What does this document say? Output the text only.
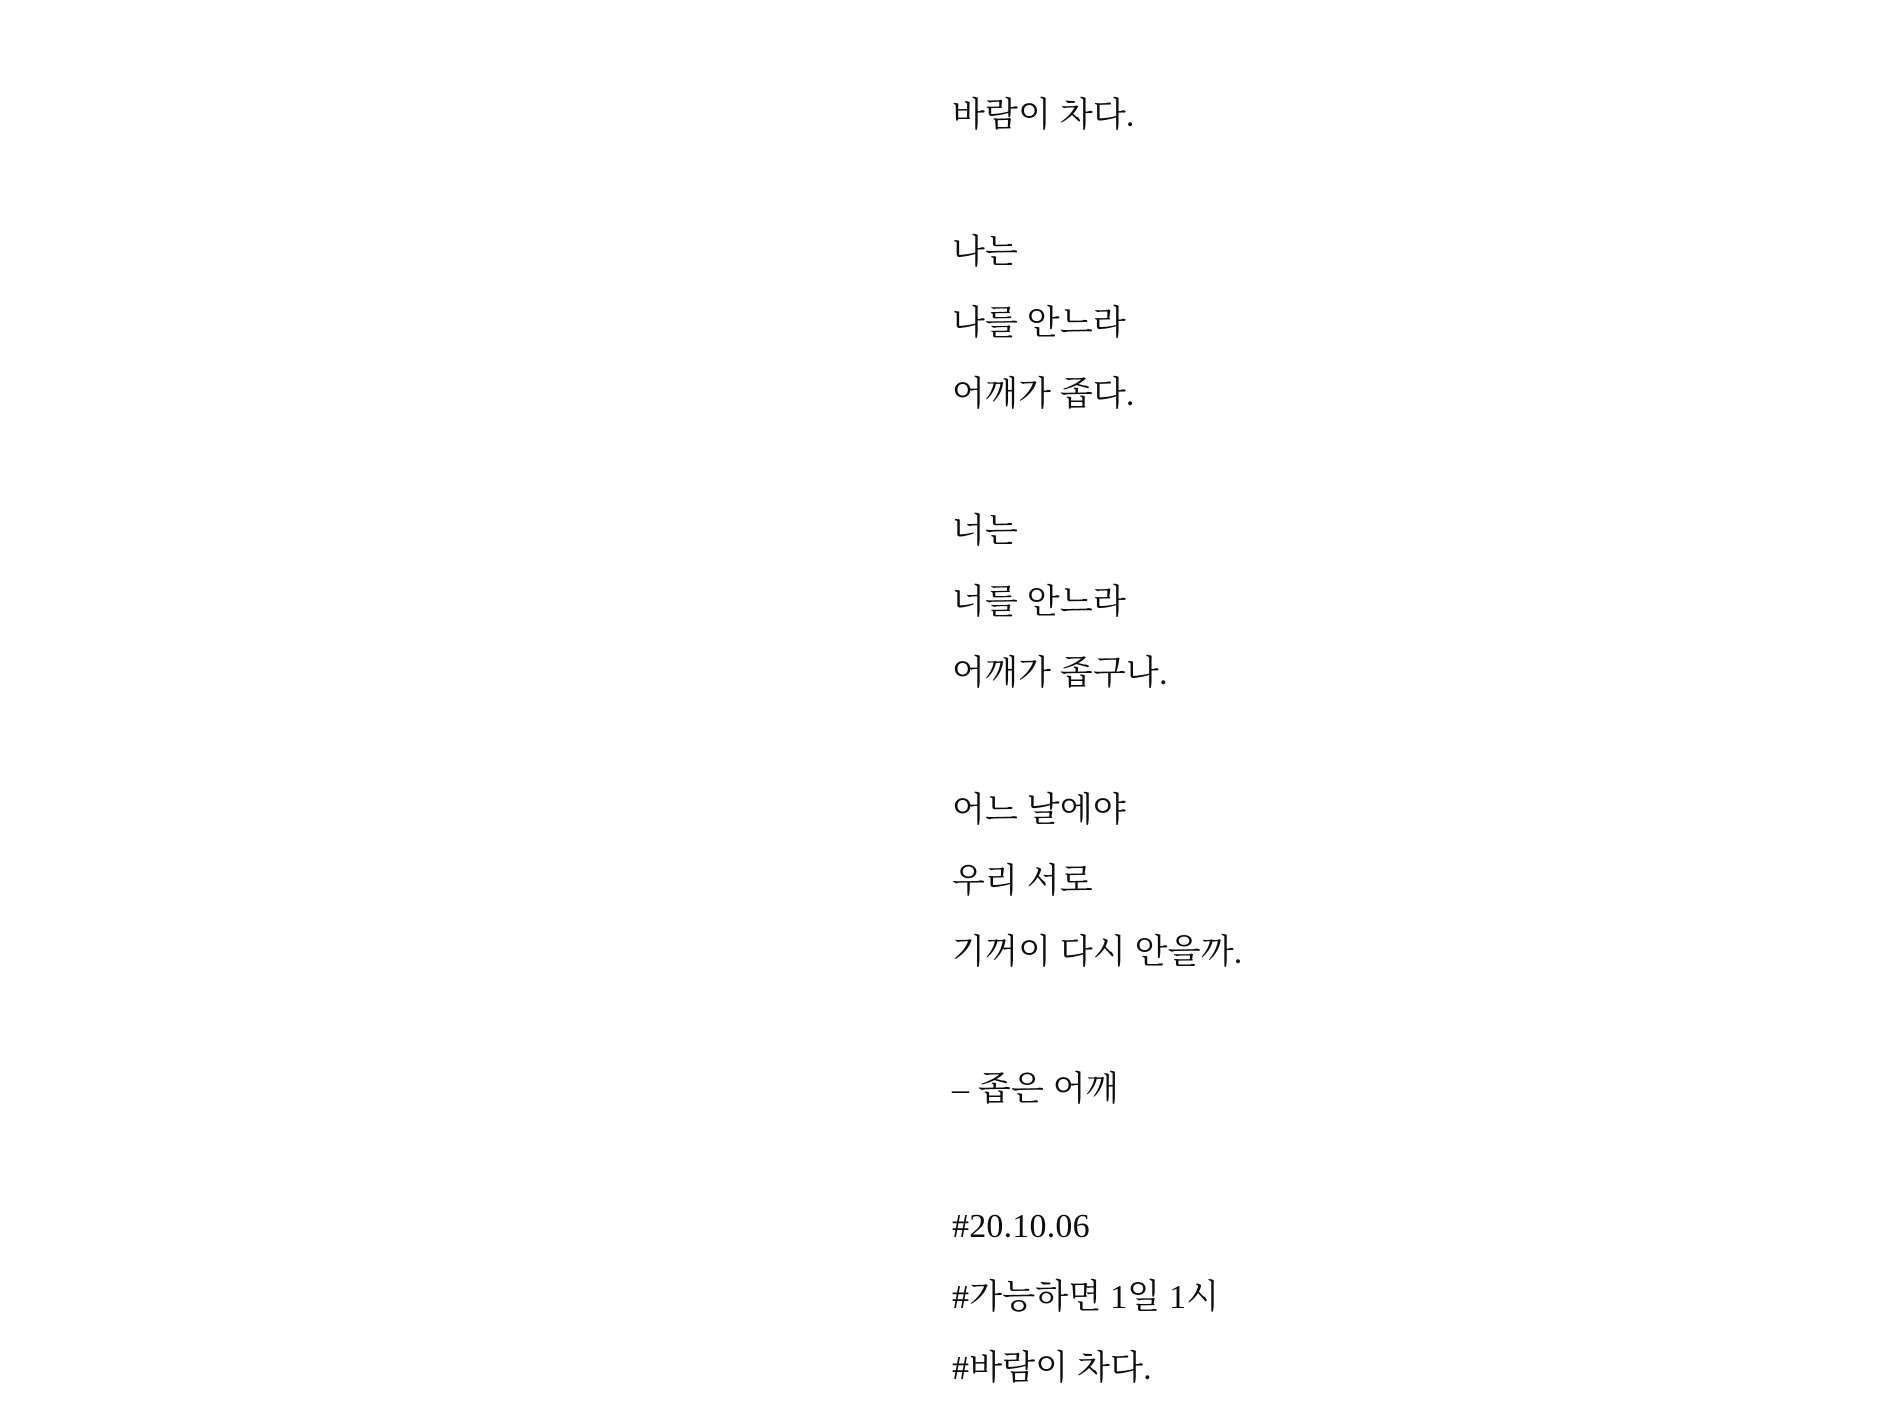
바람이 차다.
나는
나를 안느라
어깨가 좁다.
너는
너를 안느라
어깨가 좁구나.
어느 날에야
우리 서로
기꺼이 다시 안을까.
– 좁은 어깨
#20.10.06
#가능하면 1일 1시
#바람이 차다.
